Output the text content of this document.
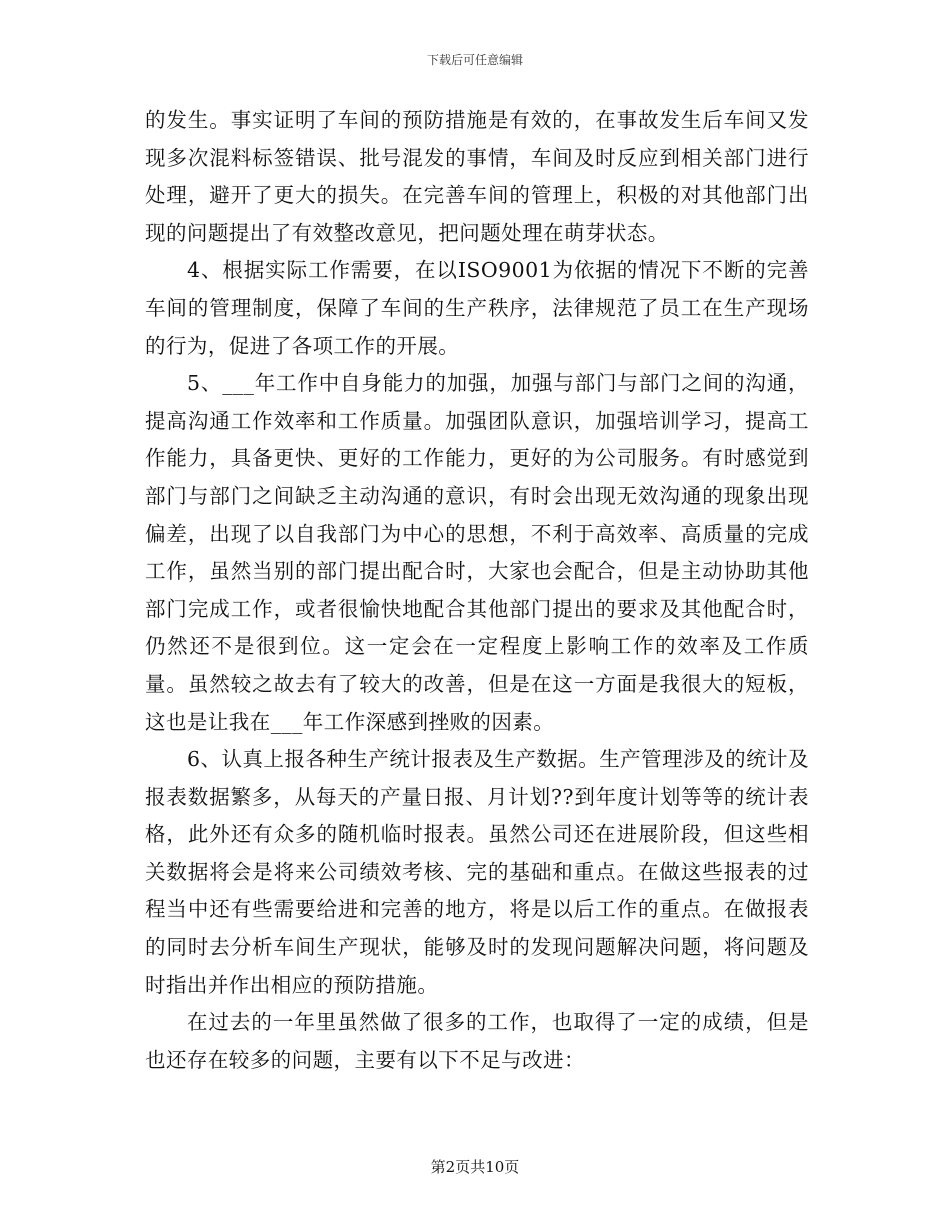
下载后可任意编辑

的发生。事实证明了车间的预防措施是有效的，在事故发生后车间又发现多次混料标签错误、批号混发的事情，车间及时反应到相关部门进行处理，避开了更大的损失。在完善车间的管理上，积极的对其他部门出现的问题提出了有效整改意见，把问题处理在萌芽状态。

4、根据实际工作需要，在以ISO9001为依据的情况下不断的完善车间的管理制度，保障了车间的生产秩序，法律规范了员工在生产现场的行为，促进了各项工作的开展。

5、___年工作中自身能力的加强，加强与部门与部门之间的沟通，提高沟通工作效率和工作质量。加强团队意识，加强培训学习，提高工作能力，具备更快、更好的工作能力，更好的为公司服务。有时感觉到部门与部门之间缺乏主动沟通的意识，有时会出现无效沟通的现象出现偏差，出现了以自我部门为中心的思想，不利于高效率、高质量的完成工作，虽然当别的部门提出配合时，大家也会配合，但是主动协助其他部门完成工作，或者很愉快地配合其他部门提出的要求及其他配合时，仍然还不是很到位。这一定会在一定程度上影响工作的效率及工作质量。虽然较之故去有了较大的改善，但是在这一方面是我很大的短板，这也是让我在___年工作深感到挫败的因素。

6、认真上报各种生产统计报表及生产数据。生产管理涉及的统计及报表数据繁多，从每天的产量日报、月计划??到年度计划等等的统计表格，此外还有众多的随机临时报表。虽然公司还在进展阶段，但这些相关数据将会是将来公司绩效考核、完的基础和重点。在做这些报表的过程当中还有些需要给进和完善的地方，将是以后工作的重点。在做报表的同时去分析车间生产现状，能够及时的发现问题解决问题，将问题及时指出并作出相应的预防措施。

在过去的一年里虽然做了很多的工作，也取得了一定的成绩，但是也还存在较多的问题，主要有以下不足与改进：

第2页共10页
